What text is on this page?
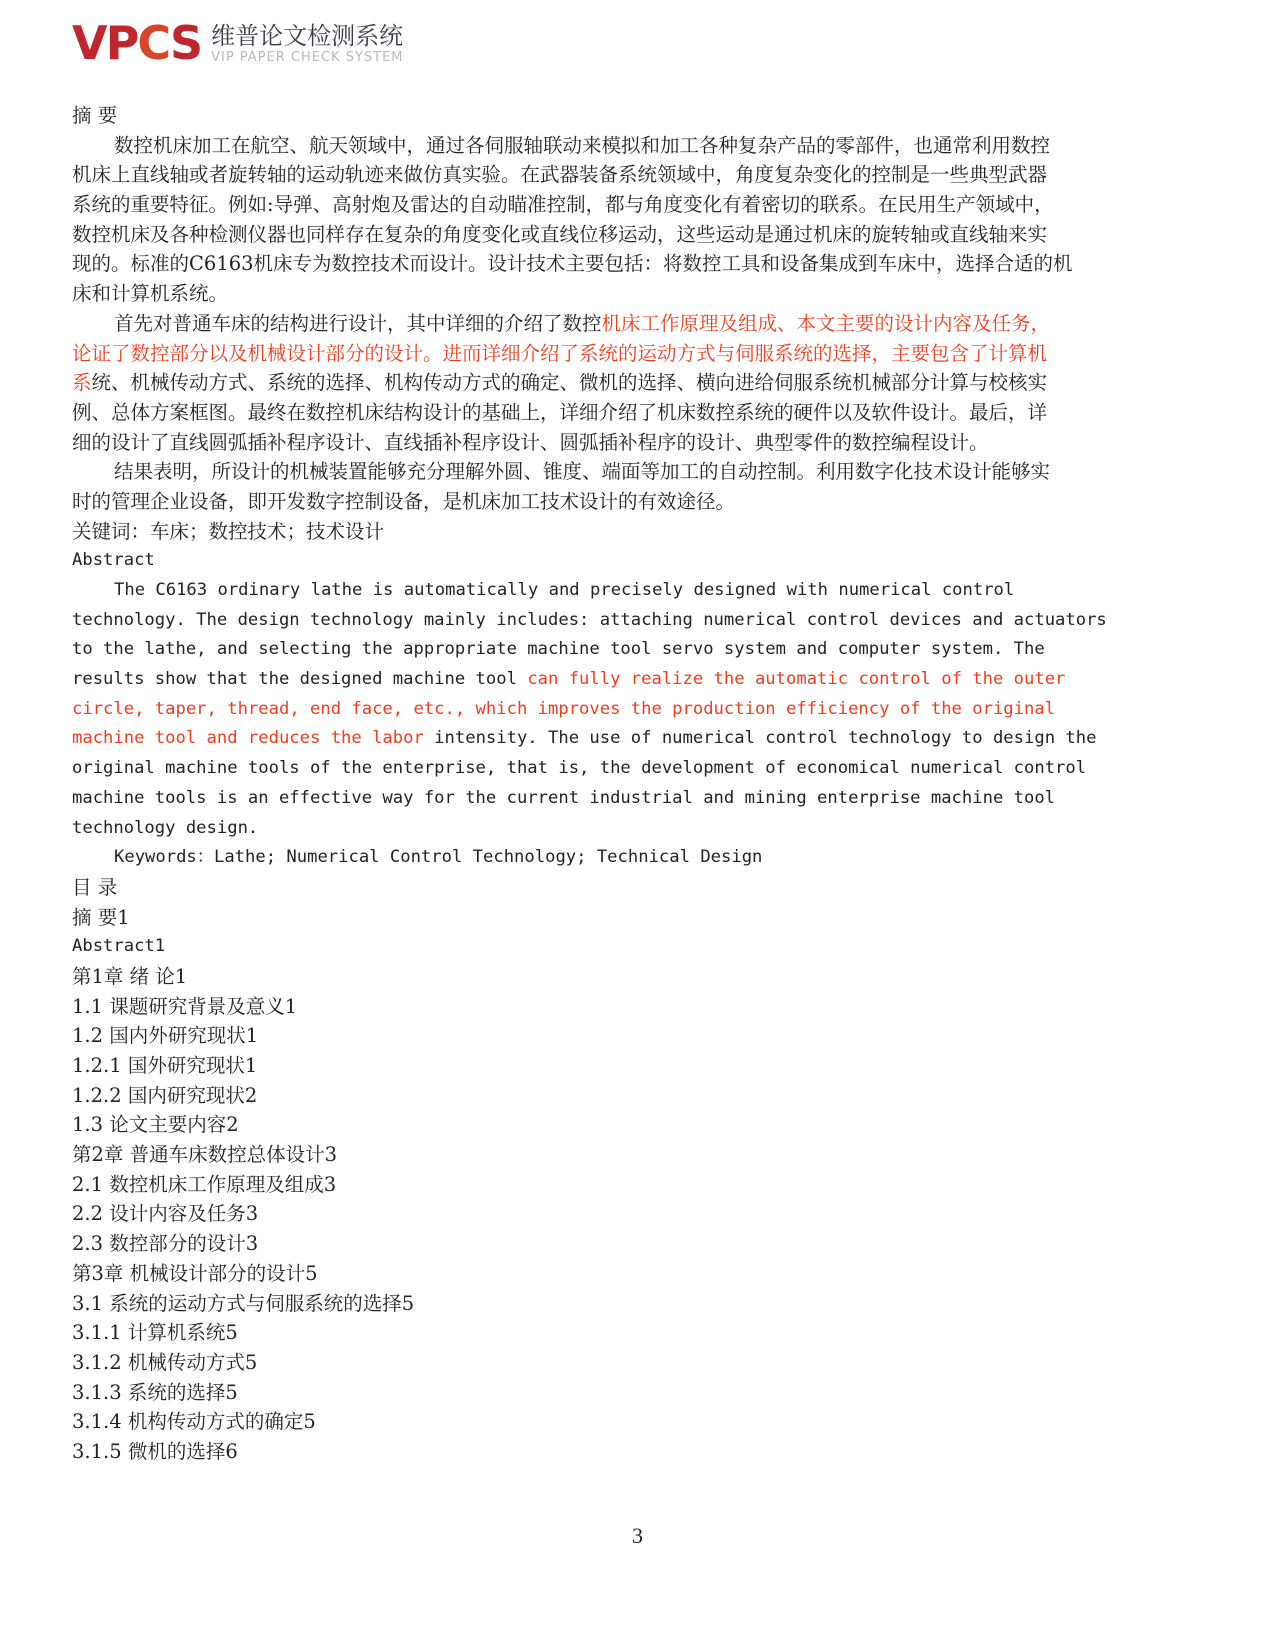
VPCS 维普论文检测系统
VIP PAPER CHECK SYSTEM
摘 要
数控机床加工在航空、航天领域中，通过各伺服轴联动来模拟和加工各种复杂产品的零部件，也通常利用数控
机床上直线轴或者旋转轴的运动轨迹来做仿真实验。在武器装备系统领域中，角度复杂变化的控制是一些典型武器
系统的重要特征。例如:导弹、高射炮及雷达的自动瞄准控制，都与角度变化有着密切的联系。在民用生产领域中，
数控机床及各种检测仪器也同样存在复杂的角度变化或直线位移运动，这些运动是通过机床的旋转轴或直线轴来实
现的。标准的C6163机床专为数控技术而设计。设计技术主要包括：将数控工具和设备集成到车床中，选择合适的机
床和计算机系统。
首先对普通车床的结构进行设计，其中详细的介绍了数控机床工作原理及组成、本文主要的设计内容及任务，
论证了数控部分以及机械设计部分的设计。进而详细介绍了系统的运动方式与伺服系统的选择，主要包含了计算机
系统、机械传动方式、系统的选择、机构传动方式的确定、微机的选择、横向进给伺服系统机械部分计算与校核实
例、总体方案框图。最终在数控机床结构设计的基础上，详细介绍了机床数控系统的硬件以及软件设计。最后，详
细的设计了直线圆弧插补程序设计、直线插补程序设计、圆弧插补程序的设计、典型零件的数控编程设计。
结果表明，所设计的机械装置能够充分理解外圆、锥度、端面等加工的自动控制。利用数字化技术设计能够实
时的管理企业设备，即开发数字控制设备，是机床加工技术设计的有效途径。
关键词：车床；数控技术；技术设计
Abstract
The C6163 ordinary lathe is automatically and precisely designed with numerical control
technology. The design technology mainly includes: attaching numerical control devices and actuators
to the lathe, and selecting the appropriate machine tool servo system and computer system. The
results show that the designed machine tool can fully realize the automatic control of the outer
circle, taper, thread, end face, etc., which improves the production efficiency of the original
machine tool and reduces the labor intensity. The use of numerical control technology to design the
original machine tools of the enterprise, that is, the development of economical numerical control
machine tools is an effective way for the current industrial and mining enterprise machine tool
technology design.
Keywords：Lathe; Numerical Control Technology; Technical Design
目 录
摘 要1
Abstract1
第1章 绪 论1
1.1 课题研究背景及意义1
1.2 国内外研究现状1
1.2.1 国外研究现状1
1.2.2 国内研究现状2
1.3 论文主要内容2
第2章 普通车床数控总体设计3
2.1 数控机床工作原理及组成3
2.2 设计内容及任务3
2.3 数控部分的设计3
第3章 机械设计部分的设计5
3.1 系统的运动方式与伺服系统的选择5
3.1.1 计算机系统5
3.1.2 机械传动方式5
3.1.3 系统的选择5
3.1.4 机构传动方式的确定5
3.1.5 微机的选择6
3
